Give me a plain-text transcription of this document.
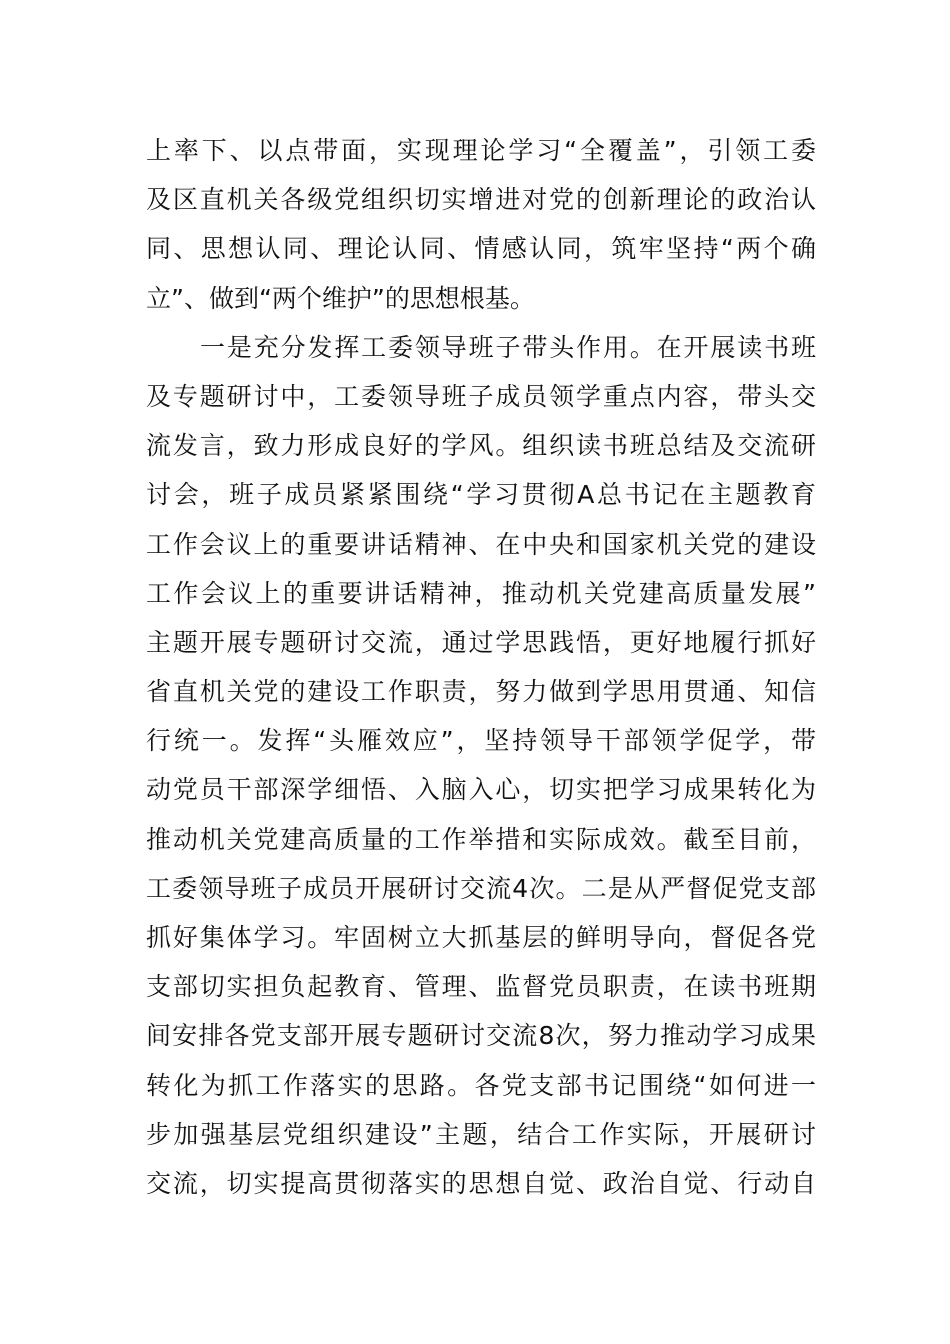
上率下、以点带面，实现理论学习“全覆盖”，引领工委
及区直机关各级党组织切实增进对党的创新理论的政治认
同、思想认同、理论认同、情感认同，筑牢坚持“两个确
立”、做到“两个维护”的思想根基。
一是充分发挥工委领导班子带头作用。在开展读书班
及专题研讨中，工委领导班子成员领学重点内容，带头交
流发言，致力形成良好的学风。组织读书班总结及交流研
讨会，班子成员紧紧围绕“学习贯彻A总书记在主题教育
工作会议上的重要讲话精神、在中央和国家机关党的建设
工作会议上的重要讲话精神，推动机关党建高质量发展”
主题开展专题研讨交流，通过学思践悟，更好地履行抓好
省直机关党的建设工作职责，努力做到学思用贯通、知信
行统一。发挥“头雁效应”，坚持领导干部领学促学，带
动党员干部深学细悟、入脑入心，切实把学习成果转化为
推动机关党建高质量的工作举措和实际成效。截至目前，
工委领导班子成员开展研讨交流4次。二是从严督促党支部
抓好集体学习。牢固树立大抓基层的鲜明导向，督促各党
支部切实担负起教育、管理、监督党员职责，在读书班期
间安排各党支部开展专题研讨交流8次，努力推动学习成果
转化为抓工作落实的思路。各党支部书记围绕“如何进一
步加强基层党组织建设”主题，结合工作实际，开展研讨
交流，切实提高贯彻落实的思想自觉、政治自觉、行动自
